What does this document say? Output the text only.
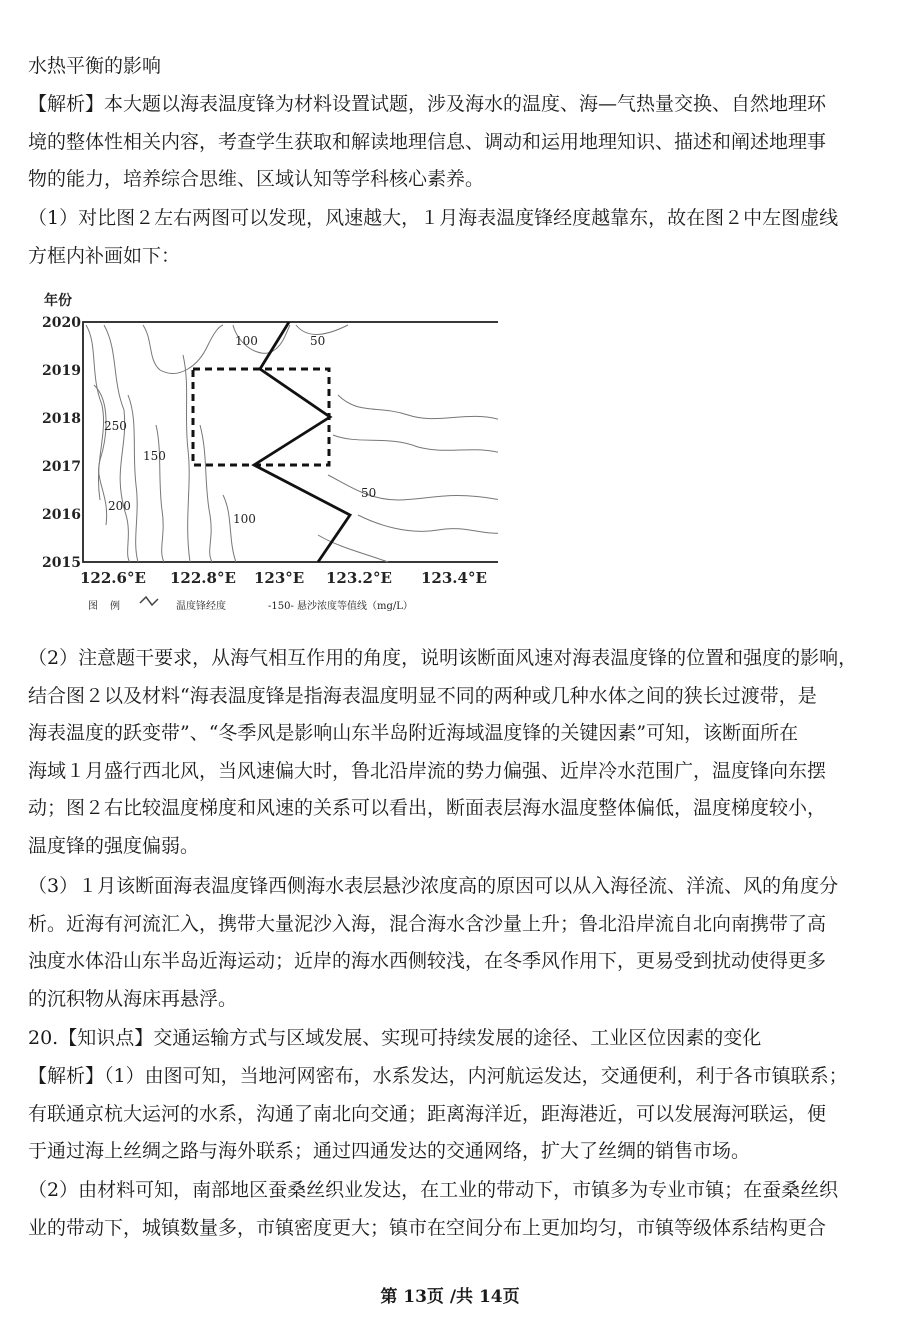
水热平衡的影响
【解析】本大题以海表温度锋为材料设置试题，涉及海水的温度、海—气热量交换、自然地理环
境的整体性相关内容，考查学生获取和解读地理信息、调动和运用地理知识、描述和阐述地理事
物的能力，培养综合思维、区域认知等学科核心素养。
（1）对比图２左右两图可以发现，风速越大，１月海表温度锋经度越靠东，故在图２中左图虚线
方框内补画如下：
（2）注意题干要求，从海气相互作用的角度，说明该断面风速对海表温度锋的位置和强度的影响，
结合图２以及材料“海表温度锋是指海表温度明显不同的两种或几种水体之间的狭长过渡带，是
海表温度的跃变带”、“冬季风是影响山东半岛附近海域温度锋的关键因素”可知，该断面所在
海域１月盛行西北风，当风速偏大时，鲁北沿岸流的势力偏强、近岸冷水范围广，温度锋向东摆
动；图２右比较温度梯度和风速的关系可以看出，断面表层海水温度整体偏低，温度梯度较小，
温度锋的强度偏弱。
（3）１月该断面海表温度锋西侧海水表层悬沙浓度高的原因可以从入海径流、洋流、风的角度分
析。近海有河流汇入，携带大量泥沙入海，混合海水含沙量上升；鲁北沿岸流自北向南携带了高
浊度水体沿山东半岛近海运动；近岸的海水西侧较浅，在冬季风作用下，更易受到扰动使得更多
的沉积物从海床再悬浮。
20.【知识点】交通运输方式与区域发展、实现可持续发展的途径、工业区位因素的变化
【解析】（1）由图可知，当地河网密布，水系发达，内河航运发达，交通便利，利于各市镇联系；
有联通京杭大运河的水系，沟通了南北向交通；距离海洋近，距海港近，可以发展海河联运，便
于通过海上丝绸之路与海外联系；通过四通发达的交通网络，扩大了丝绸的销售市场。
（2）由材料可知，南部地区蚕桑丝织业发达，在工业的带动下，市镇多为专业市镇；在蚕桑丝织
业的带动下，城镇数量多，市镇密度更大；镇市在空间分布上更加均匀，市镇等级体系结构更合
年份
2020
2019
2018
2017
2016
2015
122.6°E 122.8°E 123°E 123.2°E 123.4°E
100	50
250
150
200
100
50
图 例	温度锋经度	-150- 悬沙浓度等值线（mg/L）
第 13页 /共 14页
